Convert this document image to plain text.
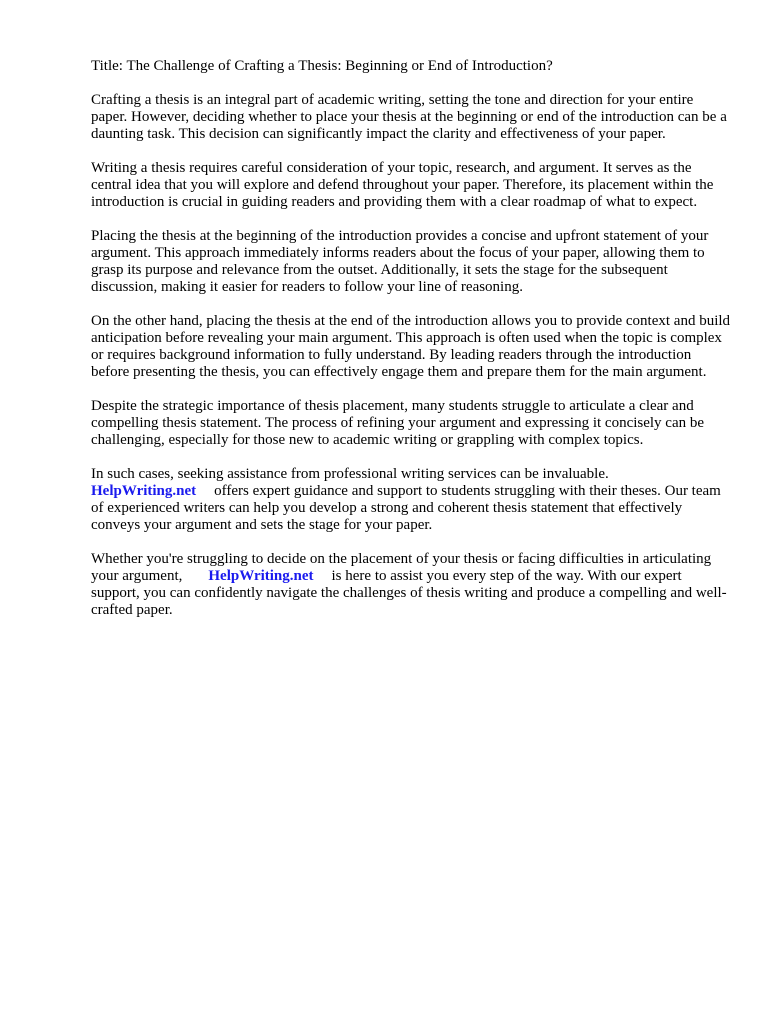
Title: The Challenge of Crafting a Thesis: Beginning or End of Introduction?

Crafting a thesis is an integral part of academic writing, setting the tone and direction for your entire paper. However, deciding whether to place your thesis at the beginning or end of the introduction can be a daunting task. This decision can significantly impact the clarity and effectiveness of your paper.

Writing a thesis requires careful consideration of your topic, research, and argument. It serves as the central idea that you will explore and defend throughout your paper. Therefore, its placement within the introduction is crucial in guiding readers and providing them with a clear roadmap of what to expect.

Placing the thesis at the beginning of the introduction provides a concise and upfront statement of your argument. This approach immediately informs readers about the focus of your paper, allowing them to grasp its purpose and relevance from the outset. Additionally, it sets the stage for the subsequent discussion, making it easier for readers to follow your line of reasoning.

On the other hand, placing the thesis at the end of the introduction allows you to provide context and build anticipation before revealing your main argument. This approach is often used when the topic is complex or requires background information to fully understand. By leading readers through the introduction before presenting the thesis, you can effectively engage them and prepare them for the main argument.

Despite the strategic importance of thesis placement, many students struggle to articulate a clear and compelling thesis statement. The process of refining your argument and expressing it concisely can be challenging, especially for those new to academic writing or grappling with complex topics.

In such cases, seeking assistance from professional writing services can be invaluable.
HelpWriting.net offers expert guidance and support to students struggling with their theses. Our team of experienced writers can help you develop a strong and coherent thesis statement that effectively conveys your argument and sets the stage for your paper.

Whether you're struggling to decide on the placement of your thesis or facing difficulties in articulating your argument, HelpWriting.net is here to assist you every step of the way. With our expert support, you can confidently navigate the challenges of thesis writing and produce a compelling and well-crafted paper.
